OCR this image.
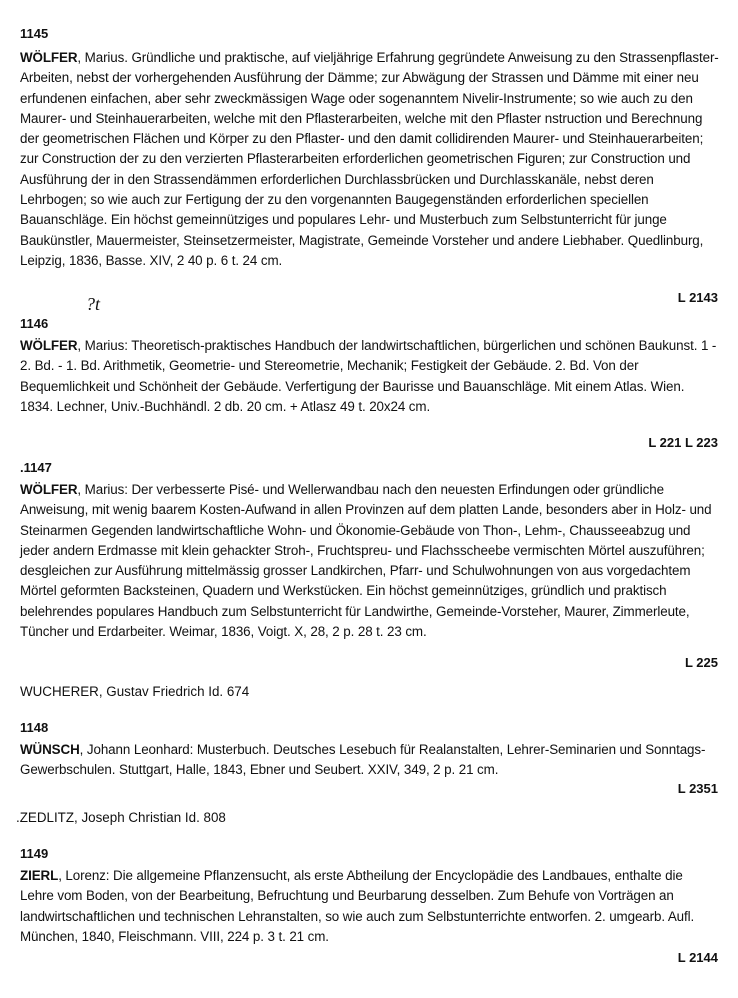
1145

WÖLFER, Marius. Gründliche und praktische, auf vieljährige Erfahrung gegründete Anweisung zu den Strassenpflaster-Arbeiten, nebst der vorhergehenden Ausführung der Dämme; zur Abwägung der Strassen und Dämme mit einer neu erfundenen einfachen, aber sehr zweckmässigen Wage oder sogenanntem Nivelir-Instrumente; so wie auch zu den Maurer- und Steinhauerarbeiten, welche mit den Pflasterarbeiten, welche mit den Pflaster nstruction und Berechnung der geometrischen Flächen und Körper zu den Pflaster- und den damit collidirenden Maurer- und Steinhauerarbeiten; zur Construction der zu den verzierten Pflasterarbeiten erforderlichen geometrischen Figuren; zur Construction und Ausführung der in den Strassendämmen erforderlichen Durchlassbrücken und Durchlasskanäle, nebst deren Lehrbogen; so wie auch zur Fertigung der zu den vorgenannten Baugegenständen erforderlichen speciellen Bauanschläge. Ein höchst gemeinnütziges und populares Lehr- und Musterbuch zum Selbstunterricht für junge Baukünstler, Mauermeister, Steinsetzermeister, Magistrate, Gemeinde Vorsteher und andere Liebhaber. Quedlinburg, Leipzig, 1836, Basse. XIV, 2 40 p. 6 t. 24 cm.

L 2143
?t
1146

WÖLFER, Marius: Theoretisch-praktisches Handbuch der landwirtschaftlichen, bürgerlichen und schönen Baukunst. 1 - 2. Bd. - 1. Bd. Arithmetik, Geometrie- und Stereometrie, Mechanik; Festigkeit der Gebäude. 2. Bd. Von der Bequemlichkeit und Schönheit der Gebäude. Verfertigung der Baurisse und Bauanschläge. Mit einem Atlas. Wien. 1834. Lechner, Univ.-Buchhändl. 2 db. 20 cm. + Atlasz 49 t. 20x24 cm.

L 221 L 223
.1147

WÖLFER, Marius: Der verbesserte Pisé- und Wellerwandbau nach den neuesten Erfindungen oder gründliche Anweisung, mit wenig baarem Kosten-Aufwand in allen Provinzen auf dem platten Lande, besonders aber in Holz- und Steinarmen Gegenden landwirtschaftliche Wohn- und Ökonomie-Gebäude von Thon-, Lehm-, Chausseeabzug und jeder andern Erdmasse mit klein gehackter Stroh-, Fruchtspreu- und Flachsscheebe vermischten Mörtel auszuführen; desgleichen zur Ausführung mittelmässig grosser Landkirchen, Pfarr- und Schulwohnungen von aus vorgedachtem Mörtel geformten Backsteinen, Quadern und Werkstücken. Ein höchst gemeinnütziges, gründlich und praktisch belehrendes populares Handbuch zum Selbstunterricht für Landwirthe, Gemeinde-Vorsteher, Maurer, Zimmerleute, Tüncher und Erdarbeiter. Weimar, 1836, Voigt. X, 28, 2 p. 28 t. 23 cm.

L 225
WUCHERER, Gustav Friedrich Id. 674
1148

WÜNSCH, Johann Leonhard: Musterbuch. Deutsches Lesebuch für Realanstalten, Lehrer-Seminarien und Sonntags-Gewerbschulen. Stuttgart, Halle, 1843, Ebner und Seubert. XXIV, 349, 2 p. 21 cm.

L 2351
.ZEDLITZ, Joseph Christian Id. 808
1149

ZIERL, Lorenz: Die allgemeine Pflanzensucht, als erste Abtheilung der Encyclopädie des Landbaues, enthalte die Lehre vom Boden, von der Bearbeitung, Befruchtung und Beurbarung desselben. Zum Behufe von Vorträgen an landwirtschaftlichen und technischen Lehranstalten, so wie auch zum Selbstunterrichte entworfen. 2. umgearb. Aufl. München, 1840, Fleischmann. VIII, 224 p. 3 t. 21 cm.

L 2144
